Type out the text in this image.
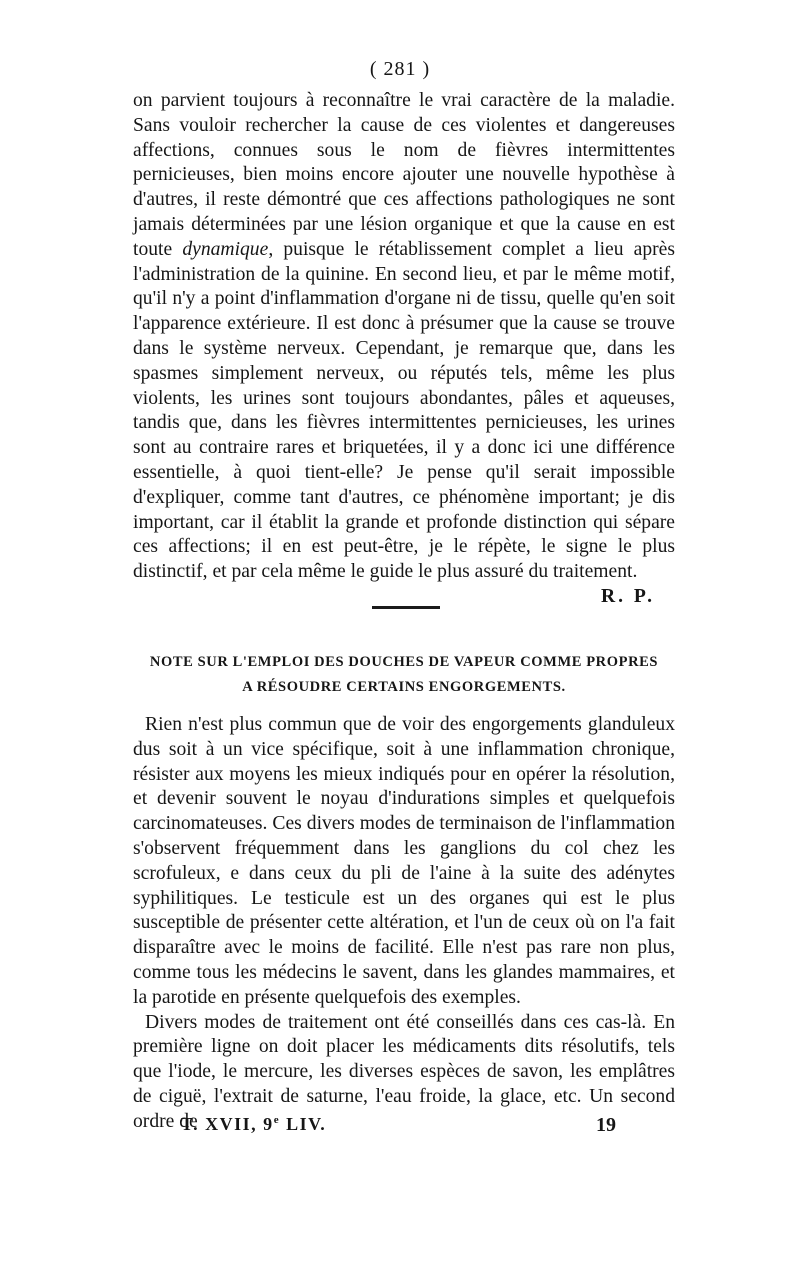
( 281 )

on parvient toujours à reconnaître le vrai caractère de la maladie. Sans vouloir rechercher la cause de ces violentes et dangereuses affections, connues sous le nom de fièvres intermittentes pernicieuses, bien moins encore ajouter une nouvelle hypothèse à d'autres, il reste démontré que ces affections pathologiques ne sont jamais déterminées par une lésion organique et que la cause en est toute dynamique, puisque le rétablissement complet a lieu après l'administration de la quinine. En second lieu, et par le même motif, qu'il n'y a point d'inflammation d'organe ni de tissu, quelle qu'en soit l'apparence extérieure. Il est donc à présumer que la cause se trouve dans le système nerveux. Cependant, je remarque que, dans les spasmes simplement nerveux, ou réputés tels, même les plus violents, les urines sont toujours abondantes, pâles et aqueuses, tandis que, dans les fièvres intermittentes pernicieuses, les urines sont au contraire rares et briquetées, il y a donc ici une différence essentielle, à quoi tient-elle? Je pense qu'il serait impossible d'expliquer, comme tant d'autres, ce phénomène important; je dis important, car il établit la grande et profonde distinction qui sépare ces affections; il en est peut-être, je le répète, le signe le plus distinctif, et par cela même le guide le plus assuré du traitement.
R. P.

NOTE SUR L'EMPLOI DES DOUCHES DE VAPEUR COMME PROPRES
A RÉSOUDRE CERTAINS ENGORGEMENTS.

Rien n'est plus commun que de voir des engorgements glanduleux dus soit à un vice spécifique, soit à une inflammation chronique, résister aux moyens les mieux indiqués pour en opérer la résolution, et devenir souvent le noyau d'indurations simples et quelquefois carcinomateuses. Ces divers modes de terminaison de l'inflammation s'observent fréquemment dans les ganglions du col chez les scrofuleux, e dans ceux du pli de l'aine à la suite des adénytes syphilitiques. Le testicule est un des organes qui est le plus susceptible de présenter cette altération, et l'un de ceux où on l'a fait disparaître avec le moins de facilité. Elle n'est pas rare non plus, comme tous les médecins le savent, dans les glandes mammaires, et la parotide en présente quelquefois des exemples.

Divers modes de traitement ont été conseillés dans ces cas-là. En première ligne on doit placer les médicaments dits résolutifs, tels que l'iode, le mercure, les diverses espèces de savon, les emplâtres de ciguë, l'extrait de saturne, l'eau froide, la glace, etc. Un second ordre de

T. XVII, 9e LIV.	19
